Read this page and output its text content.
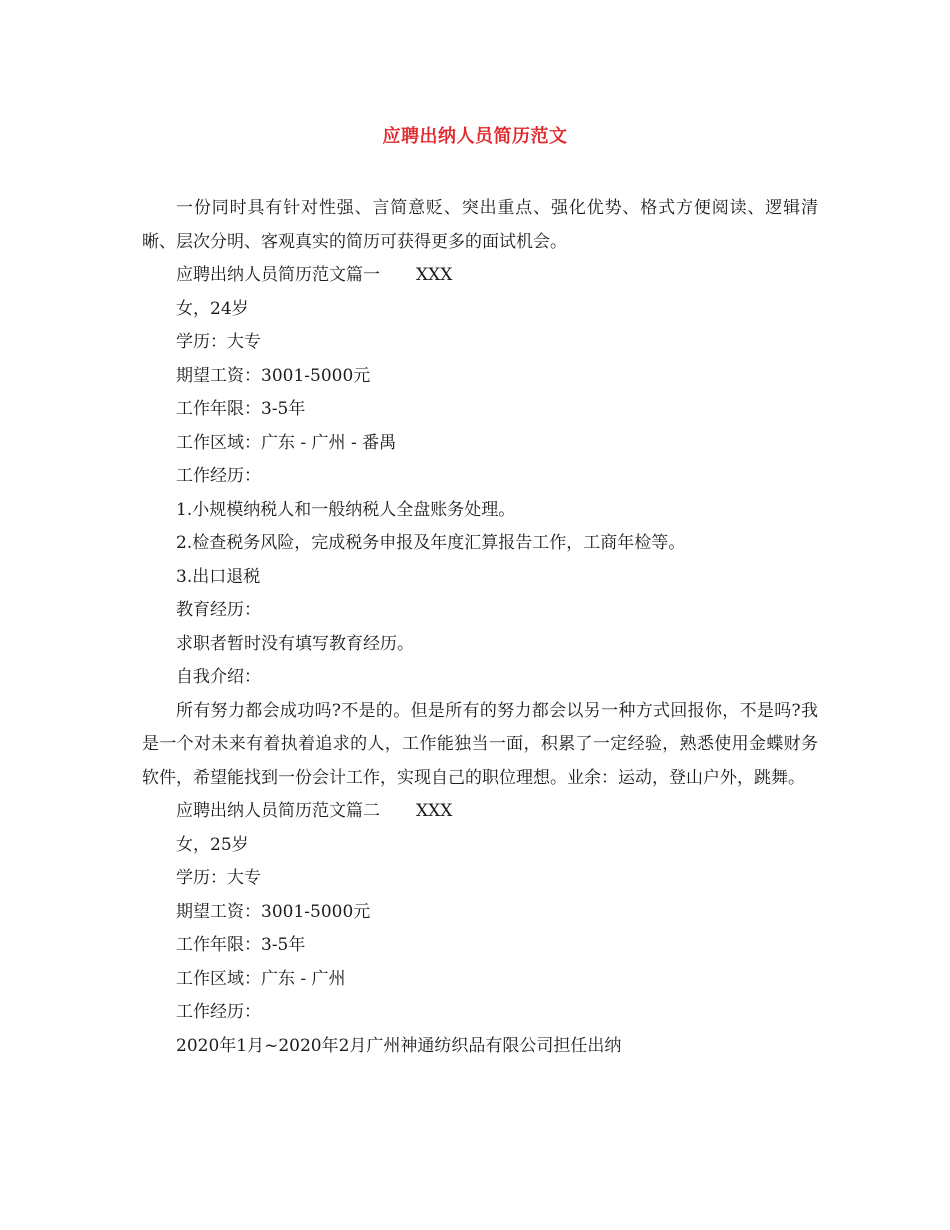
应聘出纳人员简历范文

一份同时具有针对性强、言简意贬、突出重点、强化优势、格式方便阅读、逻辑清晰、层次分明、客观真实的简历可获得更多的面试机会。

应聘出纳人员简历范文篇一 XXX

女，24岁

学历：大专

期望工资：3001-5000元

工作年限：3-5年

工作区域：广东 - 广州 - 番禺

工作经历：

1.小规模纳税人和一般纳税人全盘账务处理。

2.检查税务风险，完成税务申报及年度汇算报告工作，工商年检等。

3.出口退税

教育经历：

求职者暂时没有填写教育经历。

自我介绍：

所有努力都会成功吗?不是的。但是所有的努力都会以另一种方式回报你，不是吗?我是一个对未来有着执着追求的人，工作能独当一面，积累了一定经验，熟悉使用金蝶财务软件，希望能找到一份会计工作，实现自己的职位理想。业余：运动，登山户外，跳舞。

应聘出纳人员简历范文篇二 XXX

女，25岁

学历：大专

期望工资：3001-5000元

工作年限：3-5年

工作区域：广东 - 广州

工作经历：

2020年1月~2020年2月广州神通纺织品有限公司担任出纳
